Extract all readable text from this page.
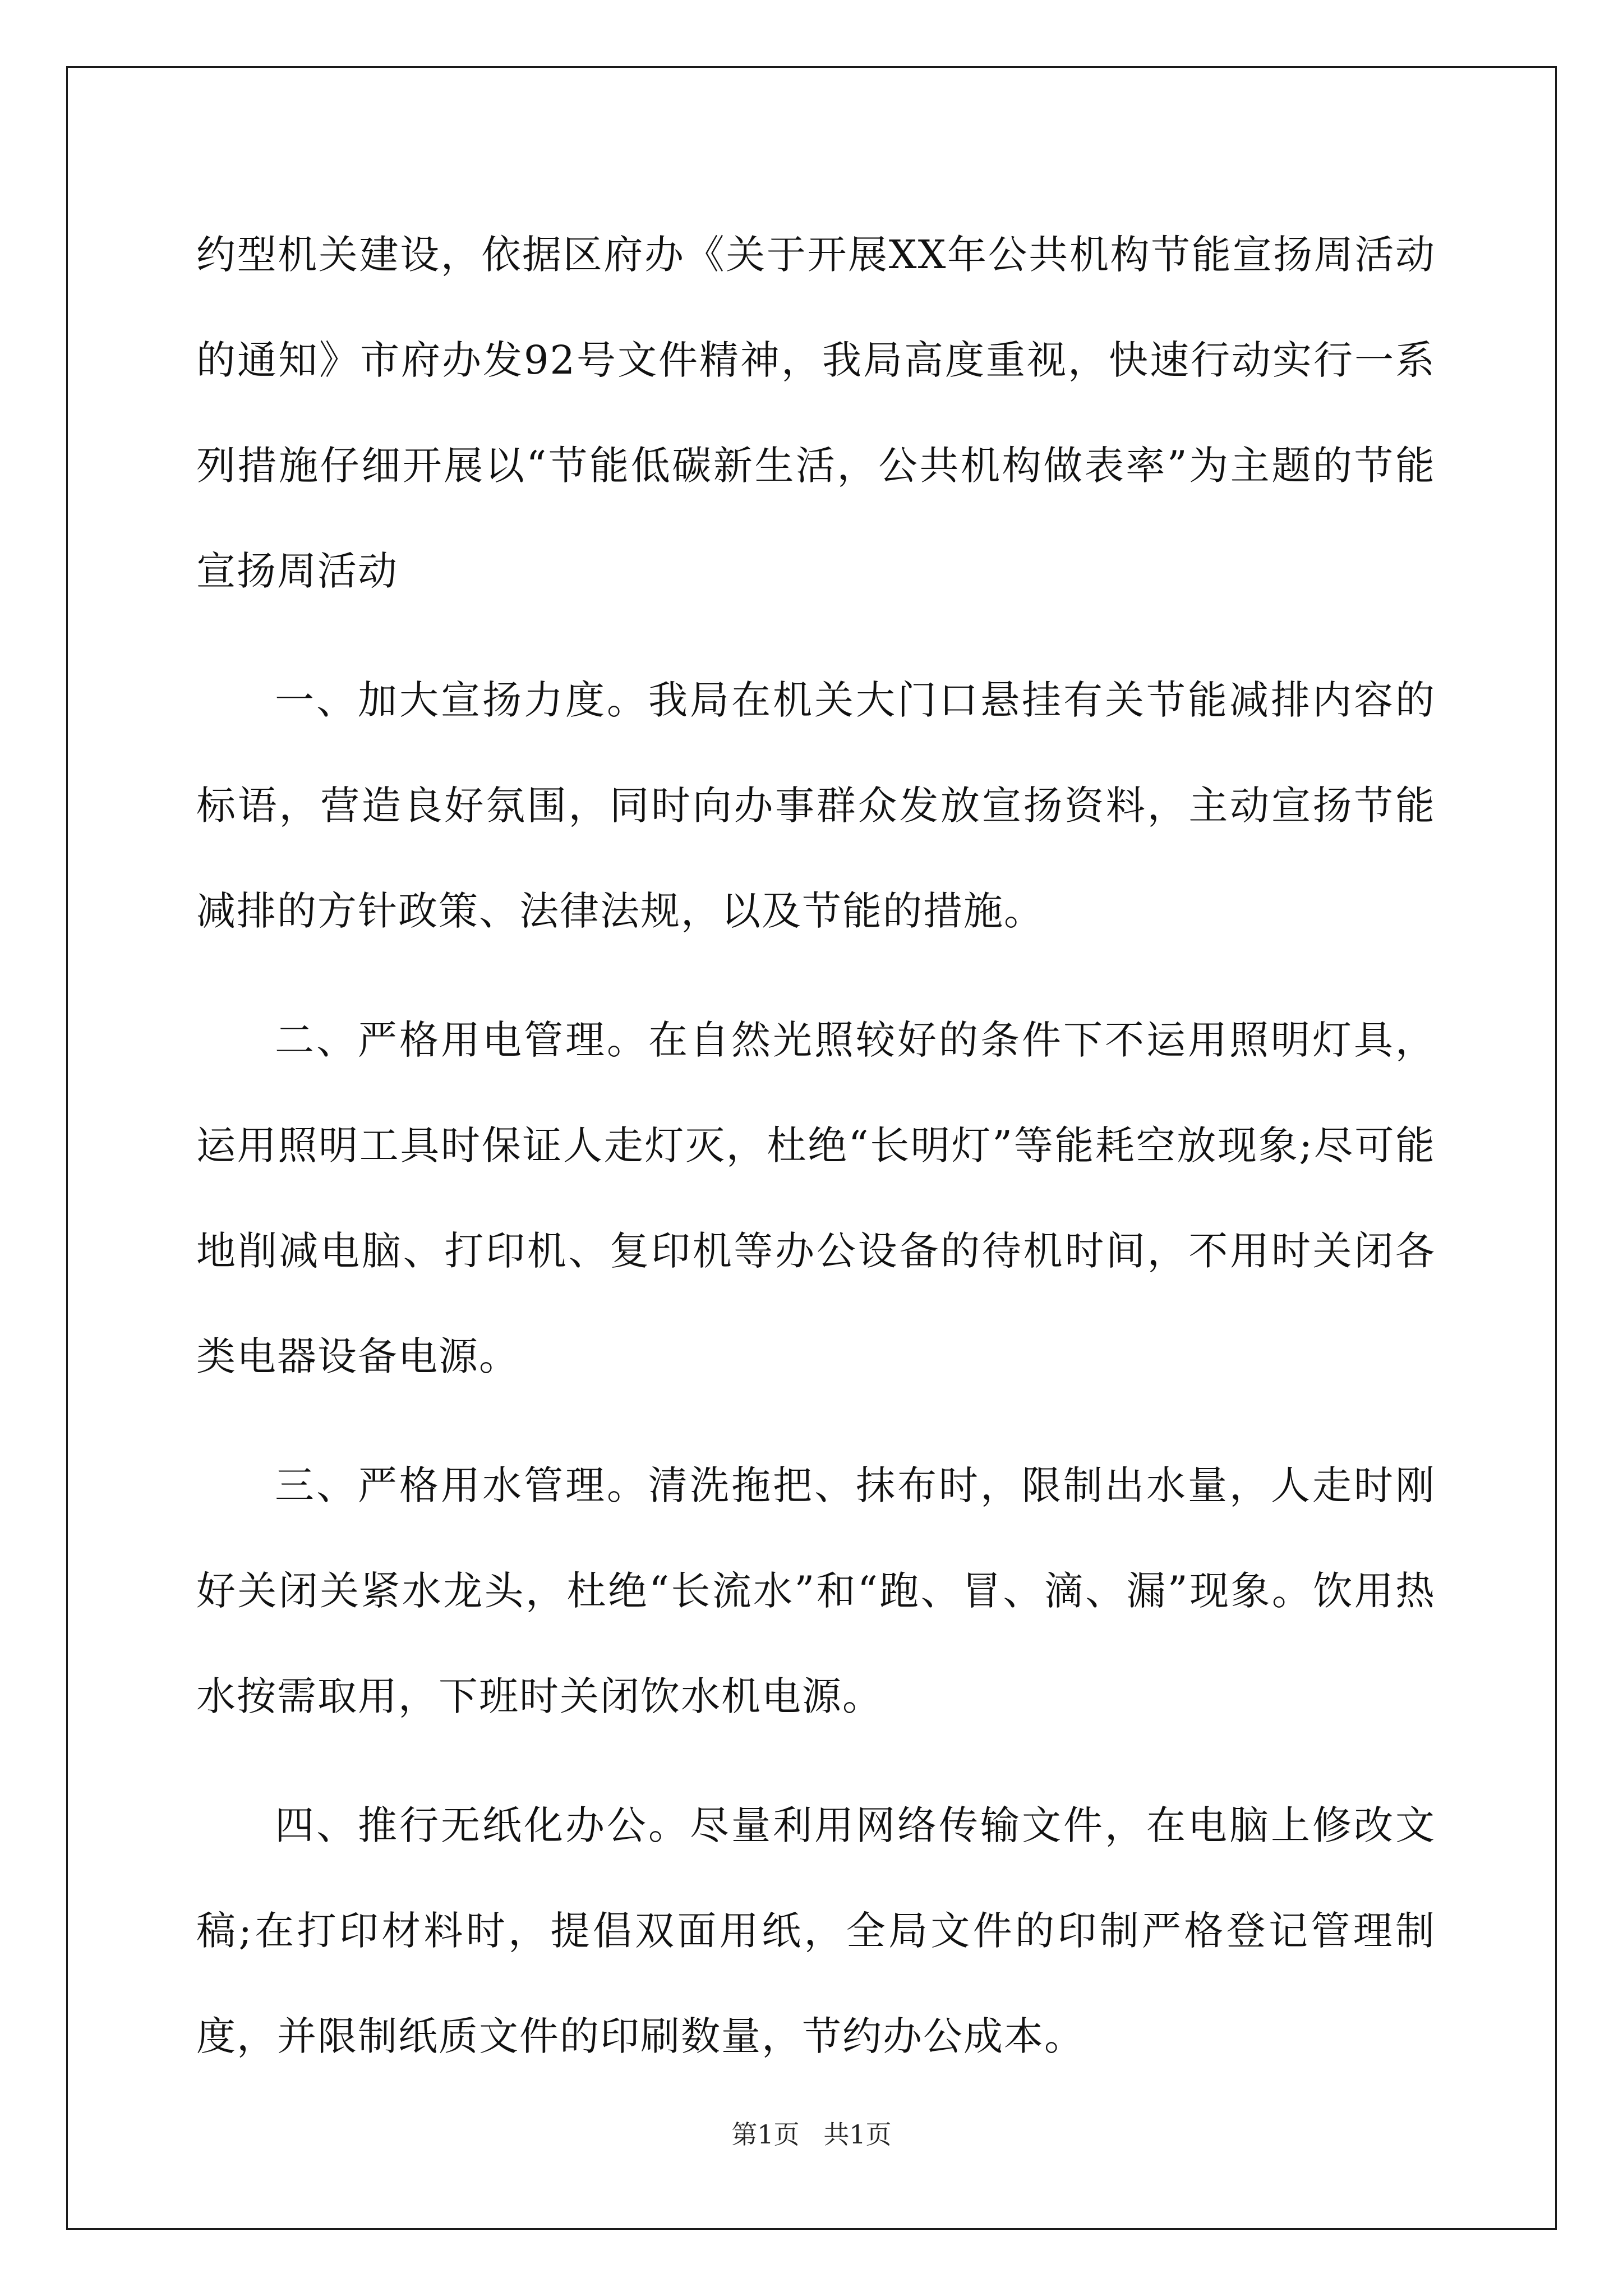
约型机关建设，依据区府办《关于开展XX年公共机构节能宣扬周活动的通知》市府办发92号文件精神，我局高度重视，快速行动实行一系列措施仔细开展以“节能低碳新生活，公共机构做表率”为主题的节能宣扬周活动

一、加大宣扬力度。我局在机关大门口悬挂有关节能减排内容的标语，营造良好氛围，同时向办事群众发放宣扬资料，主动宣扬节能减排的方针政策、法律法规，以及节能的措施。

二、严格用电管理。在自然光照较好的条件下不运用照明灯具，运用照明工具时保证人走灯灭，杜绝“长明灯”等能耗空放现象;尽可能地削减电脑、打印机、复印机等办公设备的待机时间，不用时关闭各类电器设备电源。

三、严格用水管理。清洗拖把、抹布时，限制出水量，人走时刚好关闭关紧水龙头，杜绝“长流水”和“跑、冒、滴、漏”现象。饮用热水按需取用，下班时关闭饮水机电源。

四、推行无纸化办公。尽量利用网络传输文件，在电脑上修改文稿;在打印材料时，提倡双面用纸，全局文件的印制严格登记管理制度，并限制纸质文件的印刷数量，节约办公成本。

第1页 共1页
